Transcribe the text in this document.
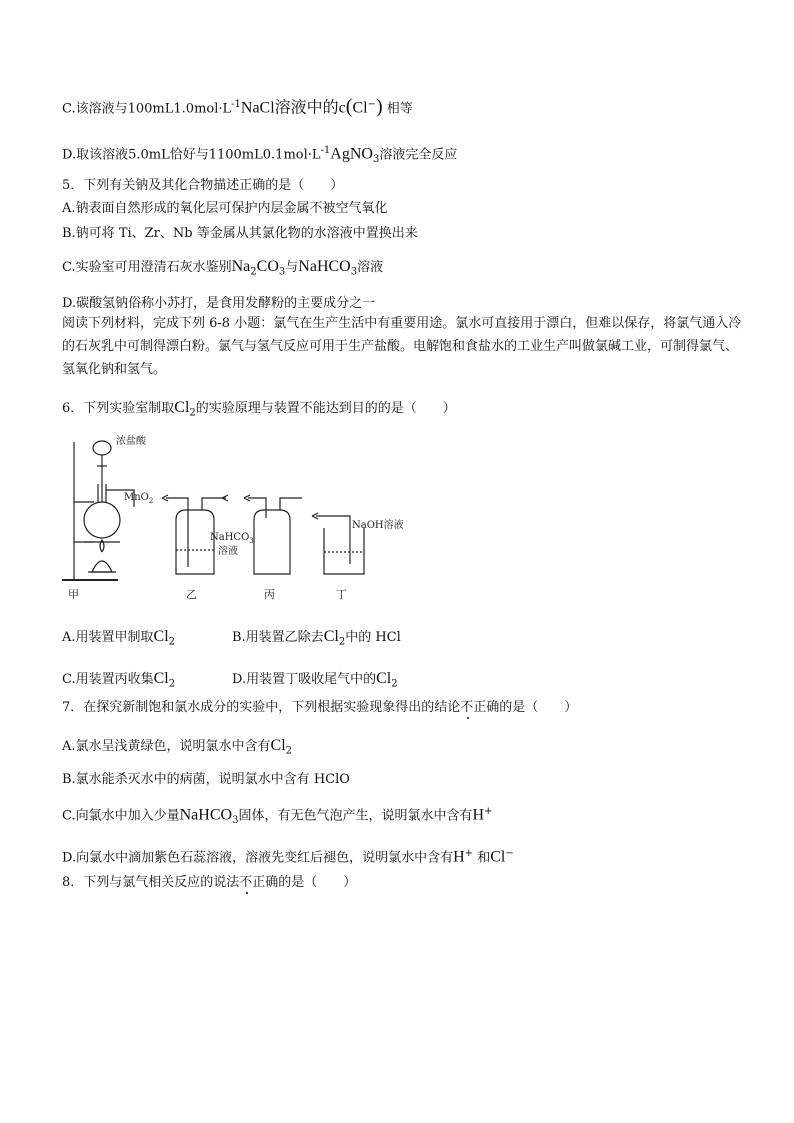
C.该溶液与$100mL1.0mol\cdot L^{-1}NaCl$溶液中的c(Cl−) 相等
D.取该溶液5.0mL恰好与$1100mL0.1mol\cdot L^{-1}AgNO_3$溶液完全反应
5．下列有关钠及其化合物描述正确的是（　　）
A.钠表面自然形成的氧化层可保护内层金属不被空气氧化
B.钠可将 Ti、Zr、Nb 等金属从其氯化物的水溶液中置换出来
C.实验室可用澄清石灰水鉴别$Na_2CO_3$与NaHCO$_3$溶液
D.碳酸氢钠俗称小苏打，是食用发酵粉的主要成分之一
阅读下列材料，完成下列 6-8 小题：氯气在生产生活中有重要用途。氯水可直接用于漂白，但难以保存，将氯气通入冷的石灰乳中可制得漂白粉。氯气与氢气反应可用于生产盐酸。电解饱和食盐水的工业生产叫做氯碱工业，可制得氯气、氢氧化钠和氢气。
6．下列实验室制取$Cl_2$的实验原理与装置不能达到目的的是（　　）
浓盐酸
MnO$_2$
NaHCO$_3$
溶液
NaOH溶液
甲	乙	丙	丁
A.用装置甲制取$Cl_2$	B.用装置乙除去$Cl_2$中的 HCl
C.用装置丙收集$Cl_2$	D.用装置丁吸收尾气中的$Cl_2$
7．在探究新制饱和氯水成分的实验中，下列根据实验现象得出的结论不正确的是（　　）
A.氯水呈浅黄绿色，说明氯水中含有$Cl_2$
B.氯水能杀灭水中的病菌，说明氯水中含有 HClO
C.向氯水中加入少量NaHCO$_3$固体，有无色气泡产生，说明氯水中含有H+
D.向氯水中滴加紫色石蕊溶液，溶液先变红后褪色，说明氯水中含有H+ 和Cl−
8．下列与氯气相关反应的说法不正确的是（　　）
